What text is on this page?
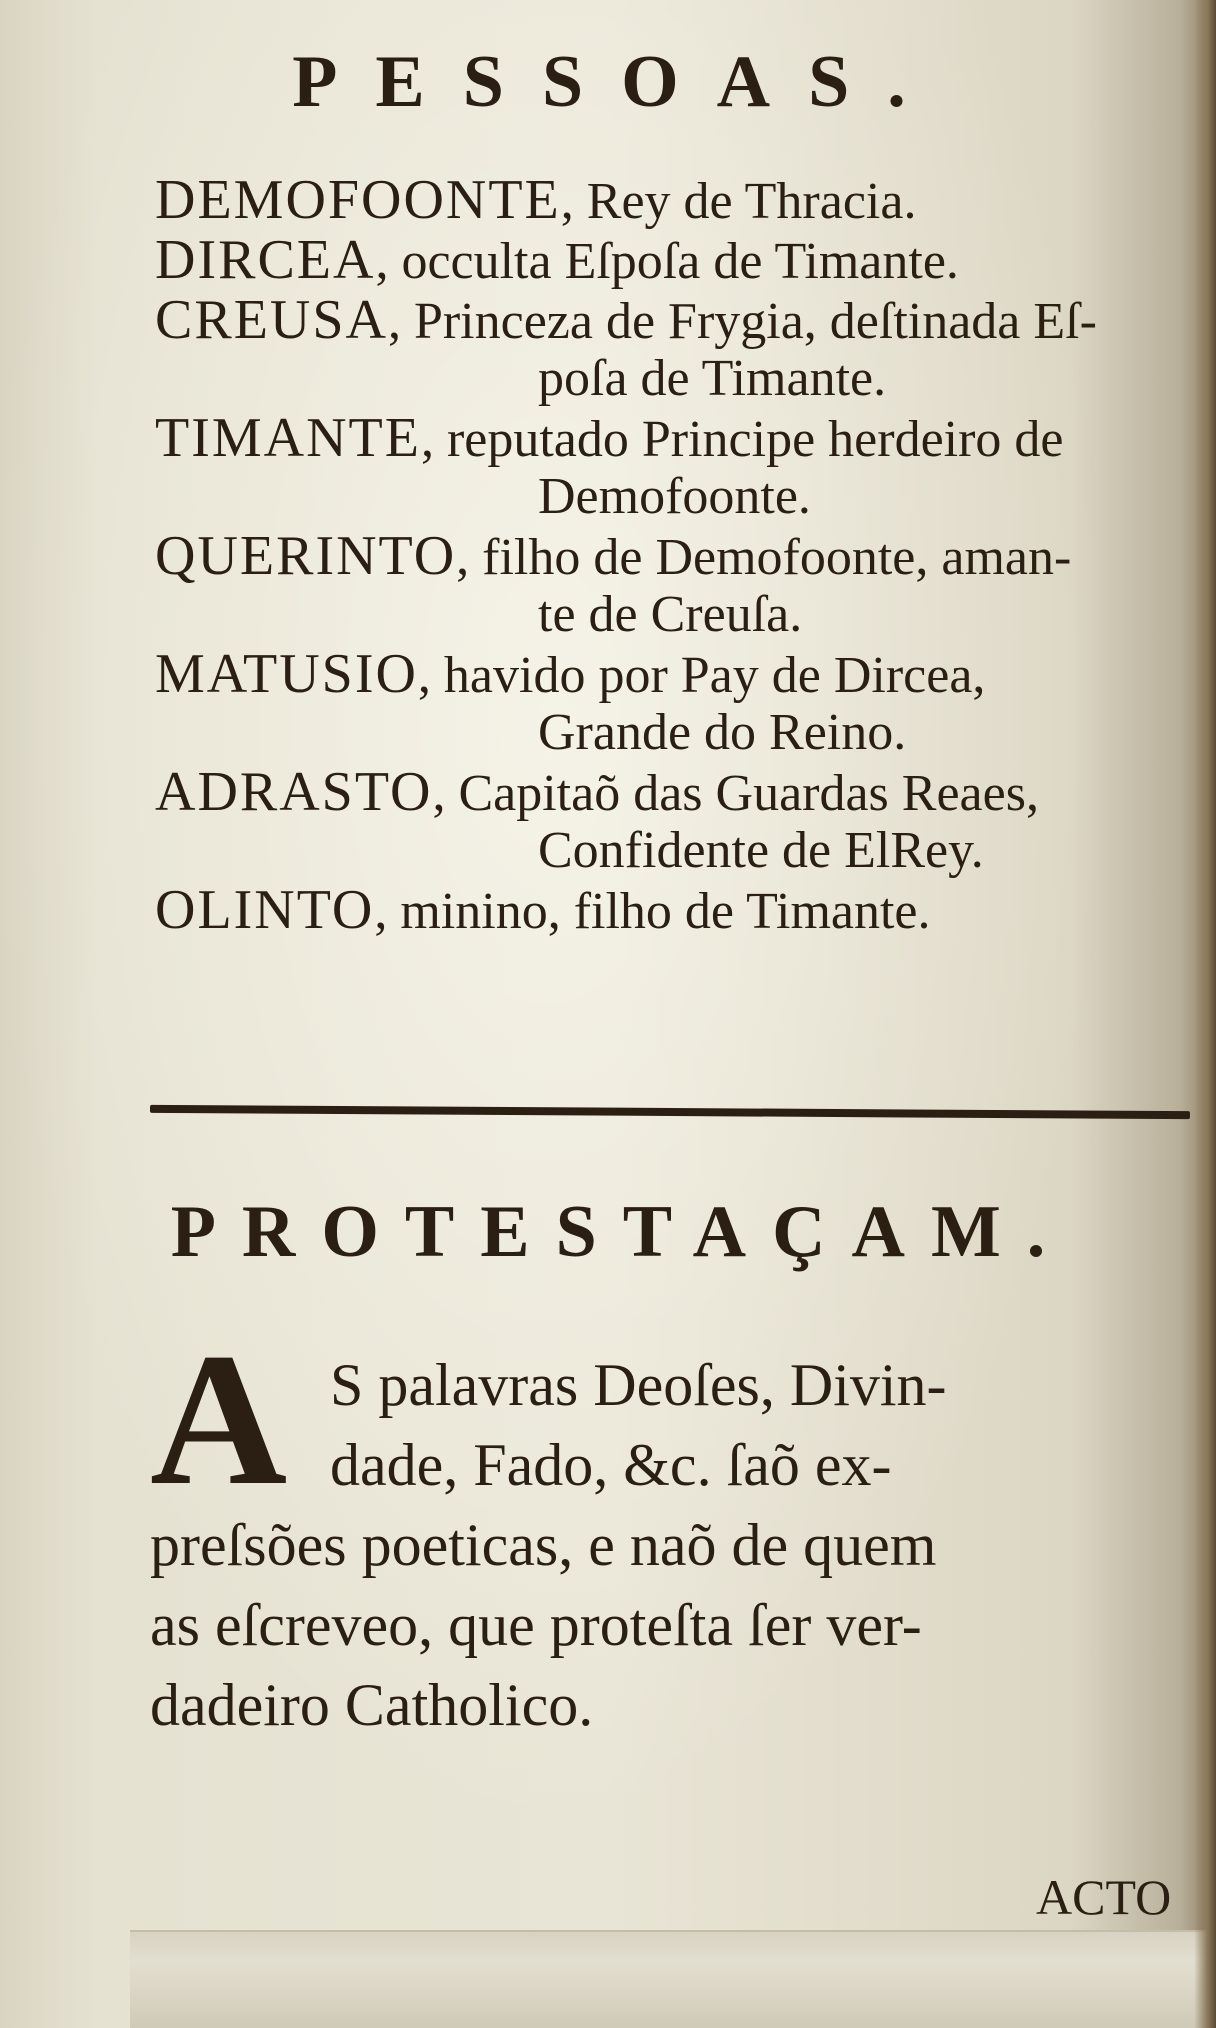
PESSOAS.
DEMOFOONTE, Rey de Thracia.
DIRCEA, occulta Eſpoſa de Timante.
CREUSA, Princeza de Frygia, deſtinada Eſ-
poſa de Timante.
TIMANTE, reputado Principe herdeiro de
Demofoonte.
QUERINTO, filho de Demofoonte, aman-
te de Creuſa.
MATUSIO, havido por Pay de Dircea,
Grande do Reino.
ADRASTO, Capitaõ das Guardas Reaes,
Confidente de ElRey.
OLINTO, minino, filho de Timante.
PROTESTAÇAM.
A S palavras Deoſes, Divin-
dade, Fado, &c. ſaõ ex-
preſsões poeticas, e naõ de quem
as eſcreveo, que proteſta ſer ver-
dadeiro Catholico.
ACTO
